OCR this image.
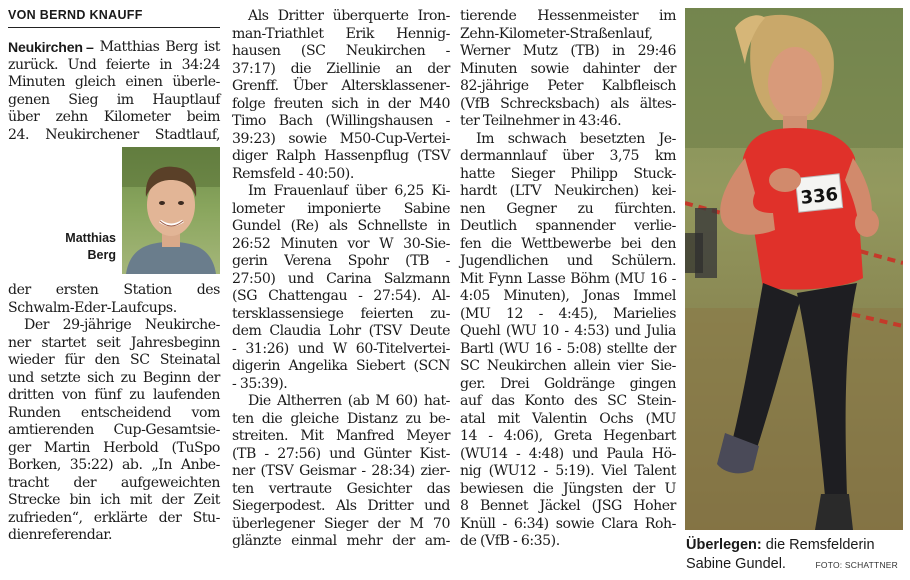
VON BERND KNAUFF
Neukirchen – Matthias Berg ist
zurück. Und feierte in 34:24
Minuten gleich einen überle-
genen Sieg im Hauptlauf
über zehn Kilometer beim
24. Neukirchener Stadtlauf,
Matthias
Berg
der ersten Station des
Schwalm-Eder-Laufcups.
Der 29-jährige Neukirche-
ner startet seit Jahresbeginn
wieder für den SC Steinatal
und setzte sich zu Beginn der
dritten von fünf zu laufenden
Runden entscheidend vom
amtierenden Cup-Gesamtsie-
ger Martin Herbold (TuSpo
Borken, 35:22) ab. „In Anbe-
tracht der aufgeweichten
Strecke bin ich mit der Zeit
zufrieden“, erklärte der Stu-
dienreferendar.
Als Dritter überquerte Iron-
man-Triathlet Erik Hennig-
hausen (SC Neukirchen -
37:17) die Ziellinie an der
Grenff. Über Altersklassener-
folge freuten sich in der M40
Timo Bach (Willingshausen -
39:23) sowie M50-Cup-Vertei-
diger Ralph Hassenpflug (TSV
Remsfeld - 40:50).
Im Frauenlauf über 6,25 Ki-
lometer imponierte Sabine
Gundel (Re) als Schnellste in
26:52 Minuten vor W 30-Sie-
gerin Verena Spohr (TB -
27:50) und Carina Salzmann
(SG Chattengau - 27:54). Al-
tersklassensiege feierten zu-
dem Claudia Lohr (TSV Deute
- 31:26) und W 60-Titelvertei-
digerin Angelika Siebert (SCN
- 35:39).
Die Altherren (ab M 60) hat-
ten die gleiche Distanz zu be-
streiten. Mit Manfred Meyer
(TB - 27:56) und Günter Kist-
ner (TSV Geismar - 28:34) zier-
ten vertraute Gesichter das
Siegerpodest. Als Dritter und
überlegener Sieger der M 70
glänzte einmal mehr der am-
tierende Hessenmeister im
Zehn-Kilometer-Straßenlauf,
Werner Mutz (TB) in 29:46
Minuten sowie dahinter der
82-jährige Peter Kalbfleisch
(VfB Schrecksbach) als ältes-
ter Teilnehmer in 43:46.
Im schwach besetzten Je-
dermannlauf über 3,75 km
hatte Sieger Philipp Stuck-
hardt (LTV Neukirchen) kei-
nen Gegner zu fürchten.
Deutlich spannender verlie-
fen die Wettbewerbe bei den
Jugendlichen und Schülern.
Mit Fynn Lasse Böhm (MU 16 -
4:05 Minuten), Jonas Immel
(MU 12 - 4:45), Marielies
Quehl (WU 10 - 4:53) und Julia
Bartl (WU 16 - 5:08) stellte der
SC Neukirchen allein vier Sie-
ger. Drei Goldränge gingen
auf das Konto des SC Stein-
atal mit Valentin Ochs (MU
14 - 4:06), Greta Hegenbart
(WU14 - 4:48) und Paula Hö-
nig (WU12 - 5:19). Viel Talent
bewiesen die Jüngsten der U
8 Bennet Jäckel (JSG Hoher
Knüll - 6:34) sowie Clara Roh-
de (VfB - 6:35).
336
Überlegen: die Remsfelderin
Sabine Gundel.	FOTO: SCHATTNER
